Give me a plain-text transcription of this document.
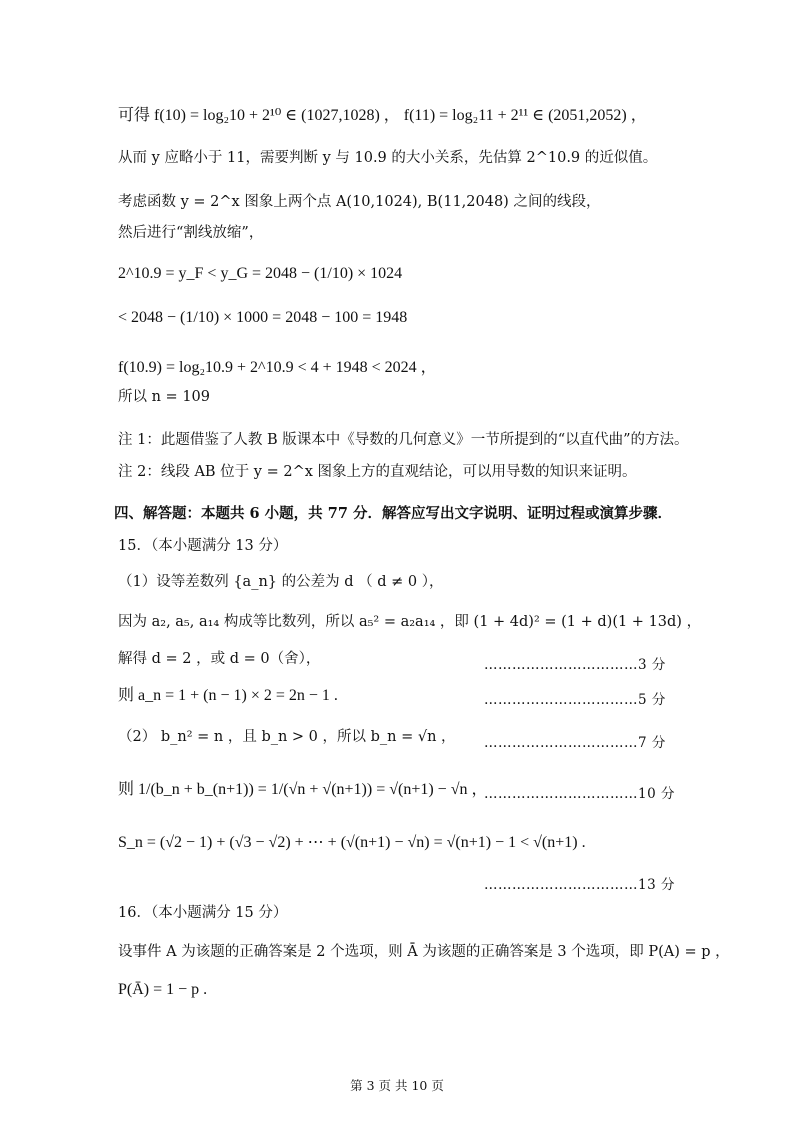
可得 f(10) = log₂10 + 2¹⁰ ∈ (1027,1028) ， f(11) = log₂11 + 2¹¹ ∈ (2051,2052) ，
从而 y 应略小于 11，需要判断 y 与 10.9 的大小关系，先估算 2^10.9 的近似值。
考虑函数 y = 2^x 图象上两个点 A(10,1024), B(11,2048) 之间的线段，
然后进行“割线放缩”，
2^10.9 = y_F < y_G = 2048 − (1/10) × 1024
< 2048 − (1/10) × 1000 = 2048 − 100 = 1948
f(10.9) = log₂10.9 + 2^10.9 < 4 + 1948 < 2024 ，
所以 n = 109
注 1：此题借鉴了人教 B 版课本中《导数的几何意义》一节所提到的“以直代曲”的方法。
注 2：线段 AB 位于 y = 2^x 图象上方的直观结论，可以用导数的知识来证明。
四、解答题：本题共 6 小题，共 77 分．解答应写出文字说明、证明过程或演算步骤．
15．（本小题满分 13 分）
（1）设等差数列 {a_n} 的公差为 d （ d ≠ 0 ），
因为 a₂, a₅, a₁₄ 构成等比数列，所以 a₅² = a₂a₁₄ ，即 (1 + 4d)² = (1 + d)(1 + 13d) ，
解得 d = 2 ，或 d = 0（舍），	……………………………3 分
则 a_n = 1 + (n − 1) × 2 = 2n − 1 .	……………………………5 分
（2） b_n² = n ，且 b_n > 0 ，所以 b_n = √n ， ……………………………7 分
则 1/(b_n + b_(n+1)) = 1/(√n + √(n+1)) = √(n+1) − √n ，
……………………………10 分
S_n = (√2 − 1) + (√3 − √2) + ⋯ + (√(n+1) − √n) = √(n+1) − 1 < √(n+1) .
……………………………13 分
16．（本小题满分 15 分）
设事件 A 为该题的正确答案是 2 个选项，则 Ā 为该题的正确答案是 3 个选项，即 P(A) = p ，
P(Ā) = 1 − p .
第 3 页 共 10 页
